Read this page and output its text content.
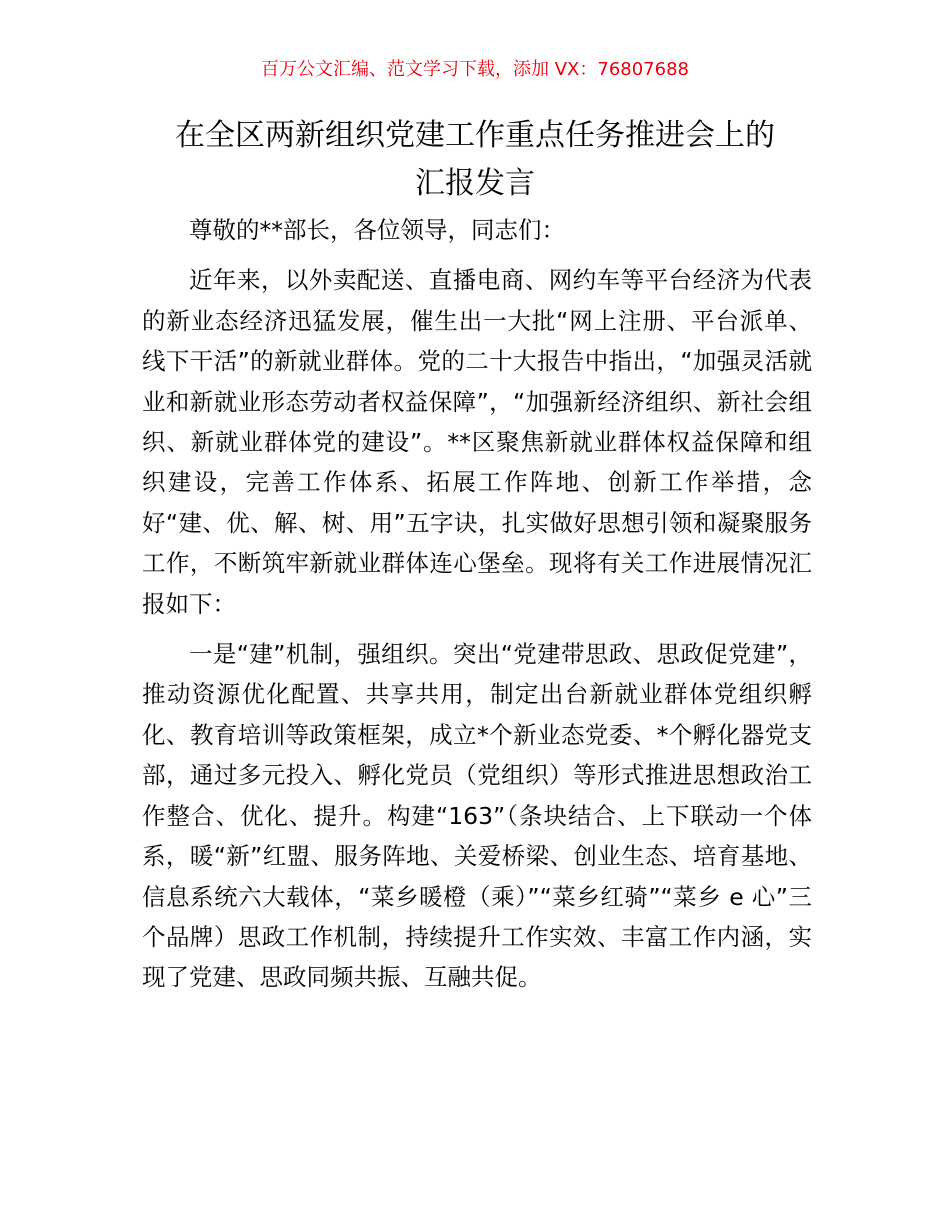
百万公文汇编、范文学习下载，添加 VX：76807688
在全区两新组织党建工作重点任务推进会上的
汇报发言

尊敬的**部长，各位领导，同志们：

近年来，以外卖配送、直播电商、网约车等平台经济为代表的新业态经济迅猛发展，催生出一大批“网上注册、平台派单、线下干活”的新就业群体。党的二十大报告中指出，“加强灵活就业和新就业形态劳动者权益保障”，“加强新经济组织、新社会组织、新就业群体党的建设”。**区聚焦新就业群体权益保障和组织建设，完善工作体系、拓展工作阵地、创新工作举措，念好“建、优、解、树、用”五字诀，扎实做好思想引领和凝聚服务工作，不断筑牢新就业群体连心堡垒。现将有关工作进展情况汇报如下：

一是“建”机制，强组织。突出“党建带思政、思政促党建”，推动资源优化配置、共享共用，制定出台新就业群体党组织孵化、教育培训等政策框架，成立*个新业态党委、*个孵化器党支部，通过多元投入、孵化党员（党组织）等形式推进思想政治工作整合、优化、提升。构建“163”（条块结合、上下联动一个体系，暖“新”红盟、服务阵地、关爱桥梁、创业生态、培育基地、信息系统六大载体，“菜乡暖橙（乘）”“菜乡红骑”“菜乡 e 心”三个品牌）思政工作机制，持续提升工作实效、丰富工作内涵，实现了党建、思政同频共振、互融共促。
